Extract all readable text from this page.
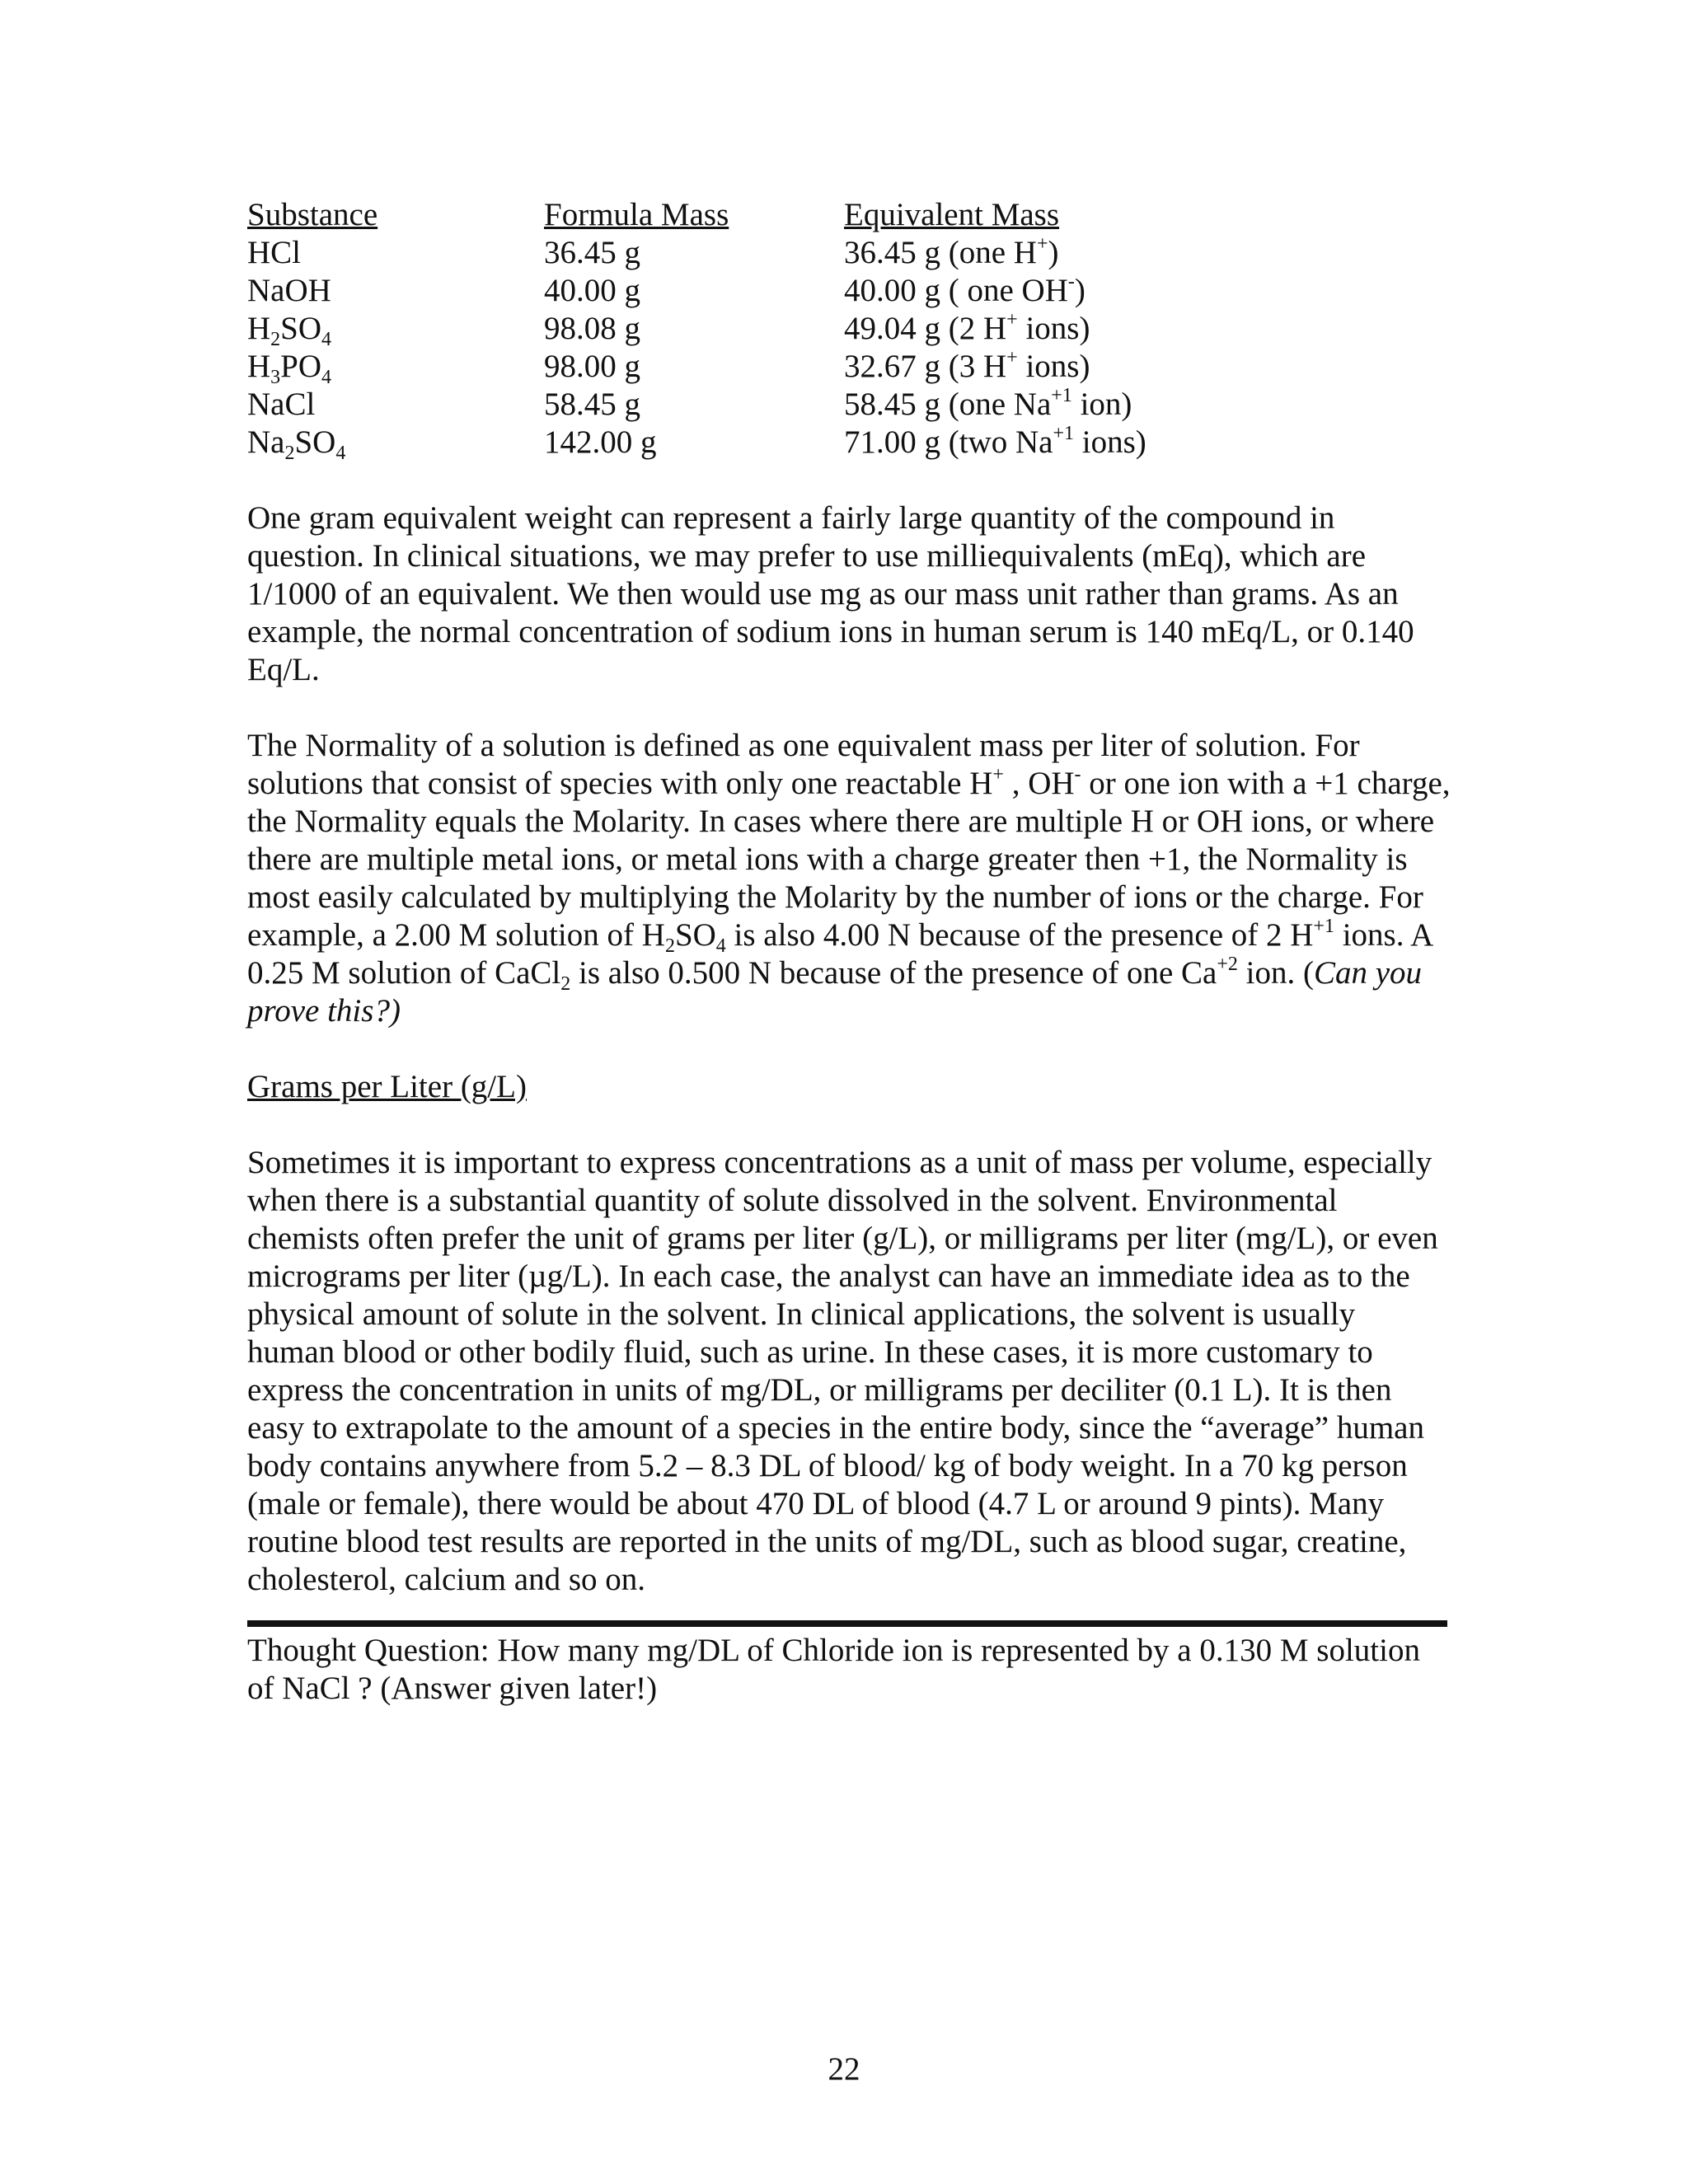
Substance	Formula Mass	Equivalent Mass
HCl	36.45 g	36.45 g (one H+)
NaOH	40.00 g	40.00 g ( one OH-)
$H_2SO_4$	98.08 g	49.04 g (2 H+ ions)
$H_3PO_4$	98.00 g	32.67 g (3 H+ ions)
NaCl	58.45 g	58.45 g (one $Na^{+1}$ ion)
$Na_2SO_4$	142.00 g	71.00 g (two $Na^{+1}$ ions)

One gram equivalent weight can represent a fairly large quantity of the compound in question. In clinical situations, we may prefer to use milliequivalents (mEq), which are 1/1000 of an equivalent. We then would use mg as our mass unit rather than grams. As an example, the normal concentration of sodium ions in human serum is 140 mEq/L, or 0.140 Eq/L.

The Normality of a solution is defined as one equivalent mass per liter of solution. For solutions that consist of species with only one reactable H+ , OH- or one ion with a +1 charge, the Normality equals the Molarity. In cases where there are multiple H or OH ions, or where there are multiple metal ions, or metal ions with a charge greater then +1, the Normality is most easily calculated by multiplying the Molarity by the number of ions or the charge. For example, a 2.00 M solution of $H_2SO_4$ is also 4.00 N because of the presence of 2 $H^{+1}$ ions. A 0.25 M solution of CaCl$_2$ is also 0.500 N because of the presence of one $Ca^{+2}$ ion. (Can you prove this?)

Grams per Liter (g/L)

Sometimes it is important to express concentrations as a unit of mass per volume, especially when there is a substantial quantity of solute dissolved in the solvent. Environmental chemists often prefer the unit of grams per liter (g/L), or milligrams per liter (mg/L), or even micrograms per liter (µg/L). In each case, the analyst can have an immediate idea as to the physical amount of solute in the solvent. In clinical applications, the solvent is usually human blood or other bodily fluid, such as urine. In these cases, it is more customary to express the concentration in units of mg/DL, or milligrams per deciliter (0.1 L). It is then easy to extrapolate to the amount of a species in the entire body, since the “average” human body contains anywhere from 5.2 – 8.3 DL of blood/ kg of body weight. In a 70 kg person (male or female), there would be about 470 DL of blood (4.7 L or around 9 pints). Many routine blood test results are reported in the units of mg/DL, such as blood sugar, creatine, cholesterol, calcium and so on.

Thought Question: How many mg/DL of Chloride ion is represented by a 0.130 M solution of NaCl ? (Answer given later!)

22
